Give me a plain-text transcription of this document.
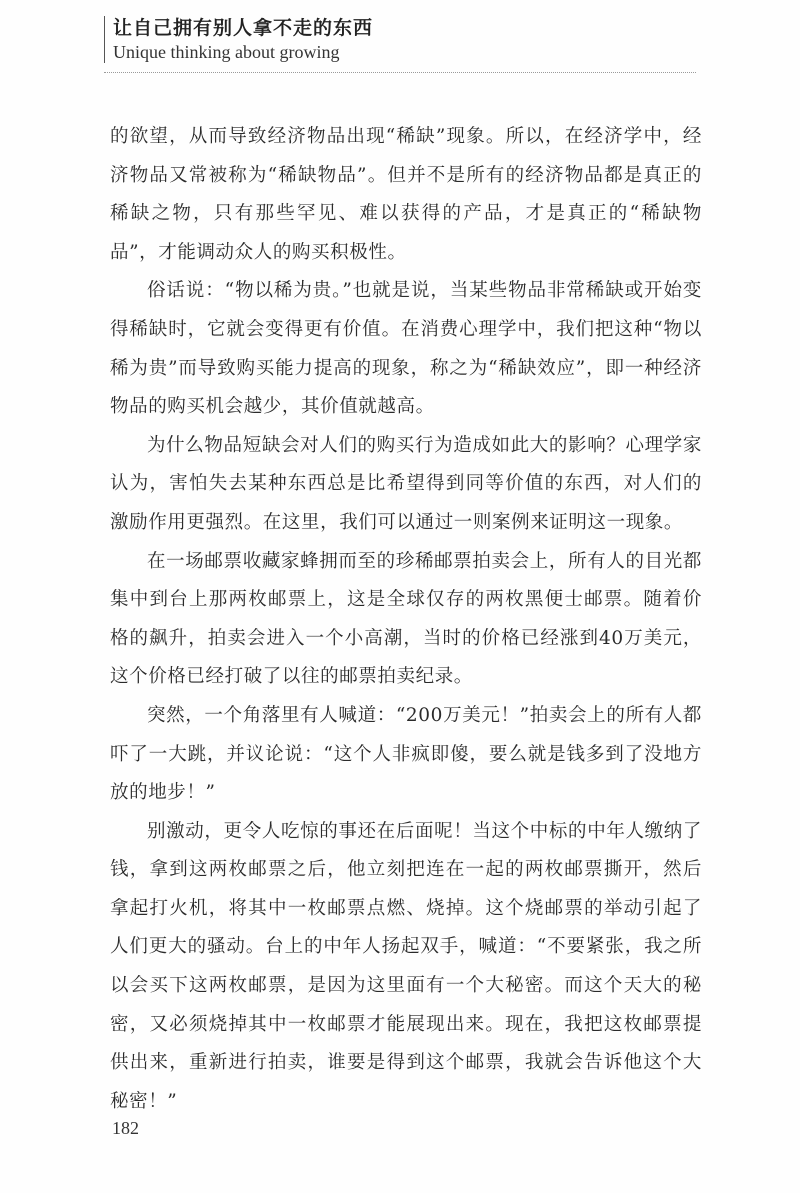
让自己拥有别人拿不走的东西
Unique thinking about growing

的欲望，从而导致经济物品出现“稀缺”现象。所以，在经济学中，经济物品又常被称为“稀缺物品”。但并不是所有的经济物品都是真正的稀缺之物，只有那些罕见、难以获得的产品，才是真正的“稀缺物品”，才能调动众人的购买积极性。

俗话说：“物以稀为贵。”也就是说，当某些物品非常稀缺或开始变得稀缺时，它就会变得更有价值。在消费心理学中，我们把这种“物以稀为贵”而导致购买能力提高的现象，称之为“稀缺效应”，即一种经济物品的购买机会越少，其价值就越高。

为什么物品短缺会对人们的购买行为造成如此大的影响？心理学家认为，害怕失去某种东西总是比希望得到同等价值的东西，对人们的激励作用更强烈。在这里，我们可以通过一则案例来证明这一现象。

在一场邮票收藏家蜂拥而至的珍稀邮票拍卖会上，所有人的目光都集中到台上那两枚邮票上，这是全球仅存的两枚黑便士邮票。随着价格的飙升，拍卖会进入一个小高潮，当时的价格已经涨到40万美元，这个价格已经打破了以往的邮票拍卖纪录。

突然，一个角落里有人喊道：“200万美元！”拍卖会上的所有人都吓了一大跳，并议论说：“这个人非疯即傻，要么就是钱多到了没地方放的地步！”

别激动，更令人吃惊的事还在后面呢！当这个中标的中年人缴纳了钱，拿到这两枚邮票之后，他立刻把连在一起的两枚邮票撕开，然后拿起打火机，将其中一枚邮票点燃、烧掉。这个烧邮票的举动引起了人们更大的骚动。台上的中年人扬起双手，喊道：“不要紧张，我之所以会买下这两枚邮票，是因为这里面有一个大秘密。而这个天大的秘密，又必须烧掉其中一枚邮票才能展现出来。现在，我把这枚邮票提供出来，重新进行拍卖，谁要是得到这个邮票，我就会告诉他这个大秘密！”

182
